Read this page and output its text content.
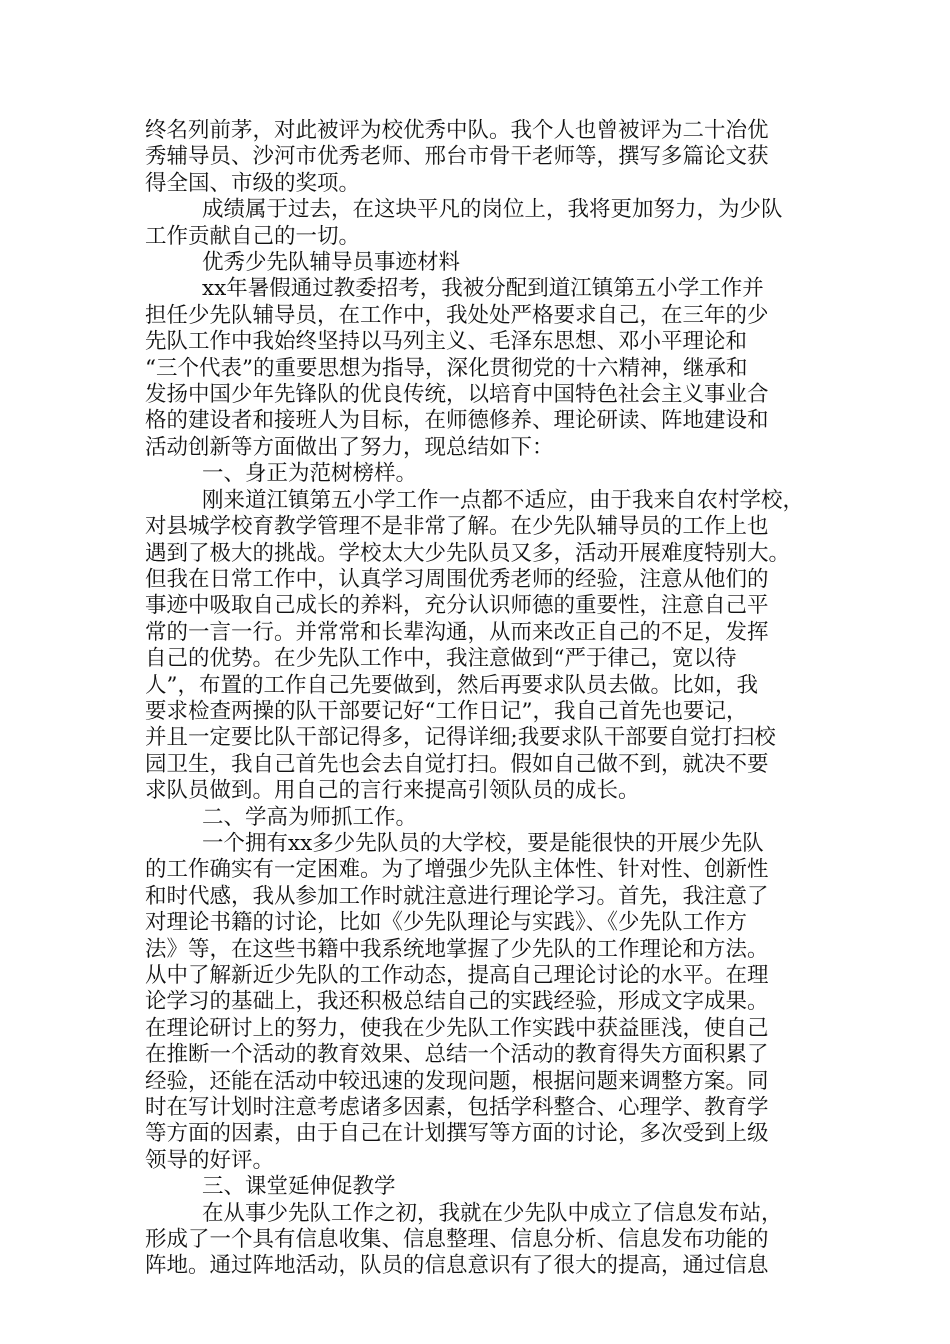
终名列前茅，对此被评为校优秀中队。我个人也曾被评为二十冶优

秀辅导员、沙河市优秀老师、邢台市骨干老师等，撰写多篇论文获

得全国、市级的奖项。

成绩属于过去，在这块平凡的岗位上，我将更加努力，为少队

工作贡献自己的一切。

优秀少先队辅导员事迹材料

xx年暑假通过教委招考，我被分配到道江镇第五小学工作并

担任少先队辅导员，在工作中，我处处严格要求自己，在三年的少

先队工作中我始终坚持以马列主义、毛泽东思想、邓小平理论和

“三个代表”的重要思想为指导，深化贯彻党的十六精神，继承和

发扬中国少年先锋队的优良传统，以培育中国特色社会主义事业合

格的建设者和接班人为目标，在师德修养、理论研读、阵地建设和

活动创新等方面做出了努力，现总结如下：

一、身正为范树榜样。

刚来道江镇第五小学工作一点都不适应，由于我来自农村学校，

对县城学校育教学管理不是非常了解。在少先队辅导员的工作上也

遇到了极大的挑战。学校太大少先队员又多，活动开展难度特别大。

但我在日常工作中，认真学习周围优秀老师的经验，注意从他们的

事迹中吸取自己成长的养料，充分认识师德的重要性，注意自己平

常的一言一行。并常常和长辈沟通，从而来改正自己的不足，发挥

自己的优势。在少先队工作中，我注意做到“严于律己，宽以待

人”，布置的工作自己先要做到，然后再要求队员去做。比如，我

要求检查两操的队干部要记好“工作日记”，我自己首先也要记，

并且一定要比队干部记得多，记得详细;我要求队干部要自觉打扫校

园卫生，我自己首先也会去自觉打扫。假如自己做不到，就决不要

求队员做到。用自己的言行来提高引领队员的成长。

二、学高为师抓工作。

一个拥有xx多少先队员的大学校，要是能很快的开展少先队

的工作确实有一定困难。为了增强少先队主体性、针对性、创新性

和时代感，我从参加工作时就注意进行理论学习。首先，我注意了

对理论书籍的讨论，比如《少先队理论与实践》、《少先队工作方

法》等，在这些书籍中我系统地掌握了少先队的工作理论和方法。

从中了解新近少先队的工作动态，提高自己理论讨论的水平。在理

论学习的基础上，我还积极总结自己的实践经验，形成文字成果。

在理论研讨上的努力，使我在少先队工作实践中获益匪浅，使自己

在推断一个活动的教育效果、总结一个活动的教育得失方面积累了

经验，还能在活动中较迅速的发现问题，根据问题来调整方案。同

时在写计划时注意考虑诸多因素，包括学科整合、心理学、教育学

等方面的因素，由于自己在计划撰写等方面的讨论，多次受到上级

领导的好评。

三、课堂延伸促教学

在从事少先队工作之初，我就在少先队中成立了信息发布站，

形成了一个具有信息收集、信息整理、信息分析、信息发布功能的

阵地。通过阵地活动，队员的信息意识有了很大的提高，通过信息
